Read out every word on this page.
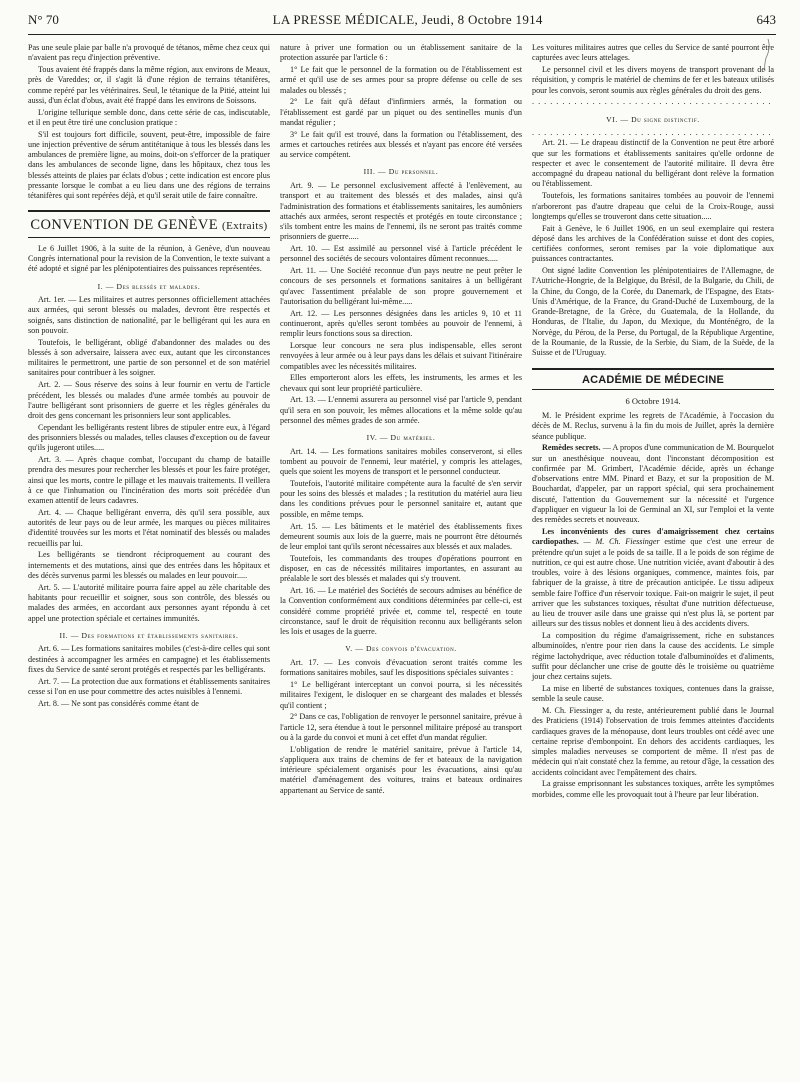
N° 70	LA PRESSE MÉDICALE, Jeudi, 8 Octobre 1914	643

Pas une seule plaie par balle n'a provoqué de tétanos, même chez ceux qui n'avaient pas reçu d'injection préventive.

Tous avaient été frappés dans la même région, aux environs de Meaux, près de Vareddes; or, il s'agit là d'une région de terrains tétanifères, comme repéré par les vétérinaires. Seul, le tétanique de la Pitié, atteint lui aussi, d'un éclat d'obus, avait été frappé dans les environs de Soissons.

L'origine tellurique semble donc, dans cette série de cas, indiscutable, et il en peut être tiré une conclusion pratique :

S'il est toujours fort difficile, souvent, peut-être, impossible de faire une injection préventive de sérum antitétanique à tous les blessés dans les ambulances de première ligne, au moins, doit-on s'efforcer de la pratiquer dans les ambulances de seconde ligne, dans les hôpitaux, chez tous les blessés atteints de plaies par éclats d'obus ; cette indication est encore plus pressante lorsque le combat a eu lieu dans une des régions de terrains tétanifères qui sont repérées déjà, et qu'il serait utile de faire connaître.

CONVENTION DE GENÈVE (Extraits)

Le 6 Juillet 1906, à la suite de la réunion, à Genève, d'un nouveau Congrès international pour la revision de la Convention, le texte suivant a été adopté et signé par les plénipotentiaires des puissances représentées.

I. — Des blessés et malades.

Art. 1er. — Les militaires et autres personnes officiellement attachées aux armées, qui seront blessés ou malades, devront être respectés et soignés, sans distinction de nationalité, par le belligérant qui les aura en son pouvoir.

Toutefois, le belligérant, obligé d'abandonner des malades ou des blessés à son adversaire, laissera avec eux, autant que les circonstances militaires le permettront, une partie de son personnel et de son matériel sanitaires pour contribuer à les soigner.

Art. 2. — Sous réserve des soins à leur fournir en vertu de l'article précédent, les blessés ou malades d'une armée tombés au pouvoir de l'autre belligérant sont prisonniers de guerre et les règles générales du droit des gens concernant les prisonniers leur sont applicables.

Cependant les belligérants restent libres de stipuler entre eux, à l'égard des prisonniers blessés ou malades, telles clauses d'exception ou de faveur qu'ils jugeront utiles.....

Art. 3. — Après chaque combat, l'occupant du champ de bataille prendra des mesures pour rechercher les blessés et pour les faire protéger, ainsi que les morts, contre le pillage et les mauvais traitements. Il veillera à ce que l'inhumation ou l'incinération des morts soit précédée d'un examen attentif de leurs cadavres.

Art. 4. — Chaque belligérant enverra, dès qu'il sera possible, aux autorités de leur pays ou de leur armée, les marques ou pièces militaires d'identité trouvées sur les morts et l'état nominatif des blessés ou malades recueillis par lui.

Les belligérants se tiendront réciproquement au courant des internements et des mutations, ainsi que des entrées dans les hôpitaux et des décès survenus parmi les blessés ou malades en leur pouvoir.....

Art. 5. — L'autorité militaire pourra faire appel au zèle charitable des habitants pour recueillir et soigner, sous son contrôle, des blessés ou malades des armées, en accordant aux personnes ayant répondu à cet appel une protection spéciale et certaines immunités.

II. — Des formations et établissements sanitaires.

Art. 6. — Les formations sanitaires mobiles (c'est-à-dire celles qui sont destinées à accompagner les armées en campagne) et les établissements fixes du Service de santé seront protégés et respectés par les belligérants.

Art. 7. — La protection due aux formations et établissements sanitaires cesse si l'on en use pour commettre des actes nuisibles à l'ennemi.

Art. 8. — Ne sont pas considérés comme étant de

nature à priver une formation ou un établissement sanitaire de la protection assurée par l'article 6 :

1° Le fait que le personnel de la formation ou de l'établissement est armé et qu'il use de ses armes pour sa propre défense ou celle de ses malades ou blessés ;

2° Le fait qu'à défaut d'infirmiers armés, la formation ou l'établissement est gardé par un piquet ou des sentinelles munis d'un mandat régulier ;

3° Le fait qu'il est trouvé, dans la formation ou l'établissement, des armes et cartouches retirées aux blessés et n'ayant pas encore été versées au service compétent.

III. — Du personnel.

Art. 9. — Le personnel exclusivement affecté à l'enlèvement, au transport et au traitement des blessés et des malades, ainsi qu'à l'administration des formations et établissements sanitaires, les aumôniers attachés aux armées, seront respectés et protégés en toute circonstance ; s'ils tombent entre les mains de l'ennemi, ils ne seront pas traités comme prisonniers de guerre.....

Art. 10. — Est assimilé au personnel visé à l'article précédent le personnel des sociétés de secours volontaires dûment reconnues.....

Art. 11. — Une Société reconnue d'un pays neutre ne peut prêter le concours de ses personnels et formations sanitaires à un belligérant qu'avec l'assentiment préalable de son propre gouvernement et l'autorisation du belligérant lui-même.....

Art. 12. — Les personnes désignées dans les articles 9, 10 et 11 continueront, après qu'elles seront tombées au pouvoir de l'ennemi, à remplir leurs fonctions sous sa direction.

Lorsque leur concours ne sera plus indispensable, elles seront renvoyées à leur armée ou à leur pays dans les délais et suivant l'itinéraire compatibles avec les nécessités militaires.

Elles emporteront alors les effets, les instruments, les armes et les chevaux qui sont leur propriété particulière.

Art. 13. — L'ennemi assurera au personnel visé par l'article 9, pendant qu'il sera en son pouvoir, les mêmes allocations et la même solde qu'au personnel des mêmes grades de son armée.

IV. — Du matériel.

Art. 14. — Les formations sanitaires mobiles conserveront, si elles tombent au pouvoir de l'ennemi, leur matériel, y compris les attelages, quels que soient les moyens de transport et le personnel conducteur.

Toutefois, l'autorité militaire compétente aura la faculté de s'en servir pour les soins des blessés et malades ; la restitution du matériel aura lieu dans les conditions prévues pour le personnel sanitaire et, autant que possible, en même temps.

Art. 15. — Les bâtiments et le matériel des établissements fixes demeurent soumis aux lois de la guerre, mais ne pourront être détournés de leur emploi tant qu'ils seront nécessaires aux blessés et aux malades.

Toutefois, les commandants des troupes d'opérations pourront en disposer, en cas de nécessités militaires importantes, en assurant au préalable le sort des blessés et malades qui s'y trouvent.

Art. 16. — Le matériel des Sociétés de secours admises au bénéfice de la Convention conformément aux conditions déterminées par celle-ci, est considéré comme propriété privée et, comme tel, respecté en toute circonstance, sauf le droit de réquisition reconnu aux belligérants selon les lois et usages de la guerre.

V. — Des convois d'évacuation.

Art. 17. — Les convois d'évacuation seront traités comme les formations sanitaires mobiles, sauf les dispositions spéciales suivantes :

1° Le belligérant interceptant un convoi pourra, si les nécessités militaires l'exigent, le disloquer en se chargeant des malades et blessés qu'il contient ;

2° Dans ce cas, l'obligation de renvoyer le personnel sanitaire, prévue à l'article 12, sera étendue à tout le personnel militaire préposé au transport ou à la garde du convoi et muni à cet effet d'un mandat régulier.

L'obligation de rendre le matériel sanitaire, prévue à l'article 14, s'appliquera aux trains de chemins de fer et bateaux de la navigation intérieure spécialement organisés pour les évacuations, ainsi qu'au matériel d'aménagement des voitures, trains et bateaux ordinaires appartenant au Service de santé.

Les voitures militaires autres que celles du Service de santé pourront être capturées avec leurs attelages.

Le personnel civil et les divers moyens de transport provenant de la réquisition, y compris le matériel de chemins de fer et les bateaux utilisés pour les convois, seront soumis aux règles générales du droit des gens.

. . .
VI. — Du signe distinctif.
. . .

Art. 21. — Le drapeau distinctif de la Convention ne peut être arboré que sur les formations et établissements sanitaires qu'elle ordonne de respecter et avec le consentement de l'autorité militaire. Il devra être accompagné du drapeau national du belligérant dont relève la formation ou l'établissement.

Toutefois, les formations sanitaires tombées au pouvoir de l'ennemi n'arboreront pas d'autre drapeau que celui de la Croix-Rouge, aussi longtemps qu'elles se trouveront dans cette situation.....

Fait à Genève, le 6 Juillet 1906, en un seul exemplaire qui restera déposé dans les archives de la Confédération suisse et dont des copies, certifiées conformes, seront remises par la voie diplomatique aux puissances contractantes.

Ont signé ladite Convention les plénipotentiaires de l'Allemagne, de l'Autriche-Hongrie, de la Belgique, du Brésil, de la Bulgarie, du Chili, de la Chine, du Congo, de la Corée, du Danemark, de l'Espagne, des Etats-Unis d'Amérique, de la France, du Grand-Duché de Luxembourg, de la Grande-Bretagne, de la Grèce, du Guatemala, de la Hollande, du Honduras, de l'Italie, du Japon, du Mexique, du Monténégro, de la Norvège, du Pérou, de la Perse, du Portugal, de la République Argentine, de la Roumanie, de la Russie, de la Serbie, du Siam, de la Suède, de la Suisse et de l'Uruguay.

ACADÉMIE DE MÉDECINE
6 Octobre 1914.

M. le Président exprime les regrets de l'Académie, à l'occasion du décès de M. Reclus, survenu à la fin du mois de Juillet, après la dernière séance publique.

Remèdes secrets. — A propos d'une communication de M. Bourquelot sur un anesthésique nouveau, dont l'inconstant décomposition est confirmée par M. Grimbert, l'Académie décide, après un échange d'observations entre MM. Pinard et Bazy, et sur la proposition de M. Bouchardat, d'appeler, par un rapport spécial, qui sera prochainement discuté, l'attention du Gouvernement sur la nécessité et l'urgence d'appliquer en vigueur la loi de Germinal an XI, sur l'emploi et la vente des remèdes secrets et nouveaux.

Les inconvénients des cures d'amaigrissement chez certains cardiopathes. — M. Ch. Fiessinger estime que c'est une erreur de prétendre qu'un sujet a le poids de sa taille. Il a le poids de son régime de nutrition, ce qui est autre chose. Une nutrition viciée, avant d'aboutir à des troubles, voire à des lésions organiques, commence, maintes fois, par fabriquer de la graisse, à titre de précaution anticipée. Le tissu adipeux semble faire l'office d'un réservoir toxique. Fait-on maigrir le sujet, il peut arriver que les substances toxiques, résultat d'une nutrition défectueuse, au lieu de trouver asile dans une graisse qui n'est plus là, se portent par ailleurs sur des tissus nobles et donnent lieu à des accidents divers.

La composition du régime d'amaigrissement, riche en substances albuminoïdes, n'entre pour rien dans la cause des accidents. Le simple régime lactohydrique, avec réduction totale d'albuminoïdes et d'aliments, suffit pour déclancher une crise de goutte dès le troisième ou quatrième jour chez certains sujets.

La mise en liberté de substances toxiques, contenues dans la graisse, semble la seule cause.

M. Ch. Fiessinger a, du reste, antérieurement publié dans le Journal des Praticiens (1914) l'observation de trois femmes atteintes d'accidents cardiaques graves de la ménopause, dont leurs troubles ont cédé avec une certaine reprise d'embonpoint. En dehors des accidents cardiaques, les simples maladies nerveuses se comportent de même. Il n'est pas de médecin qui n'ait constaté chez la femme, au retour d'âge, la cessation des accidents coïncidant avec l'empâtement des chairs.

La graisse emprisonnant les substances toxiques, arrête les symptômes morbides, comme elle les provoquait tout à l'heure par leur libération.
